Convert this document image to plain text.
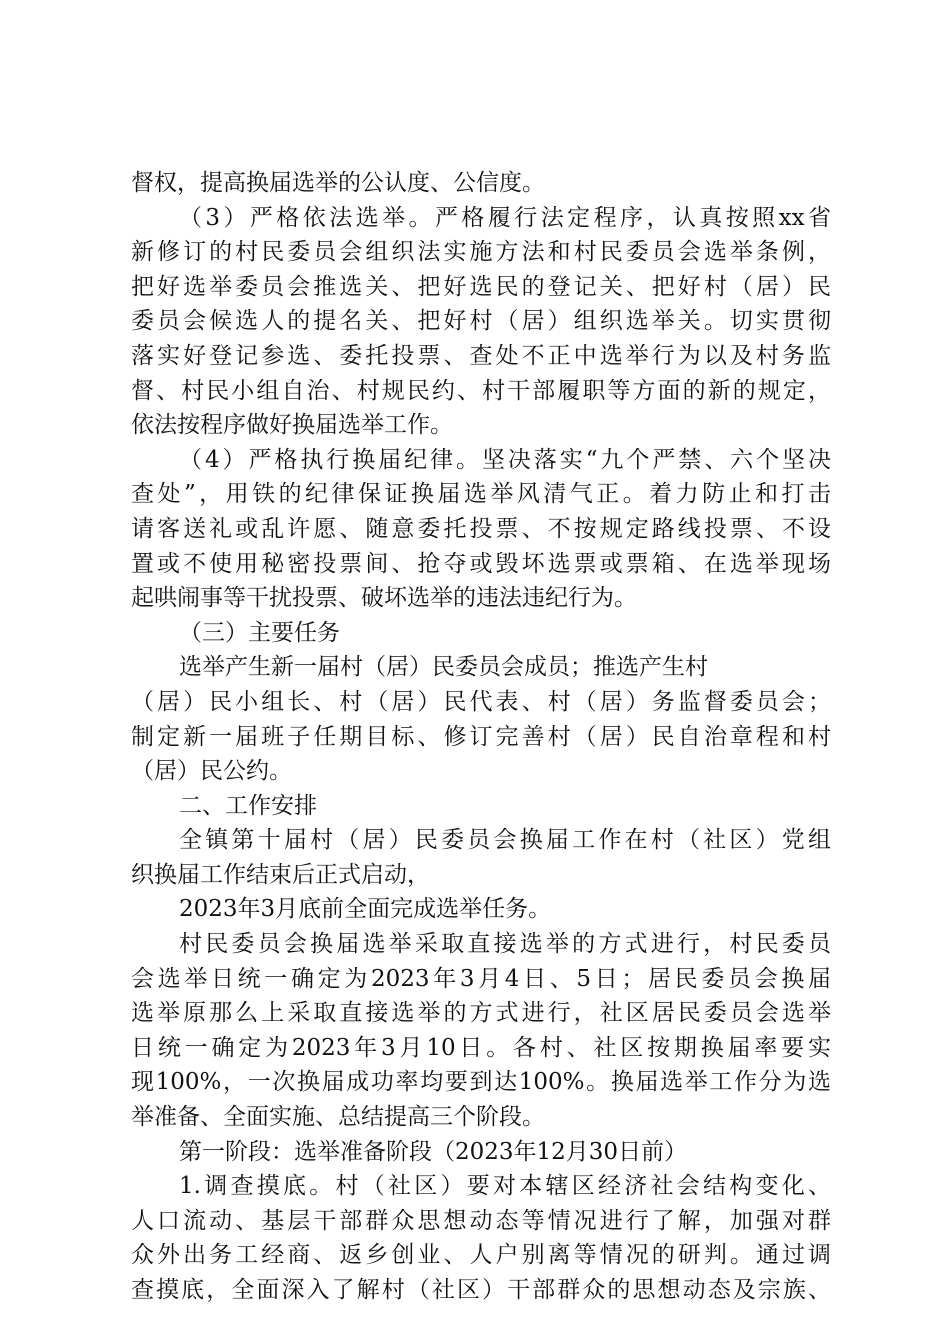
督权，提高换届选举的公认度、公信度。
（3）严格依法选举。严格履行法定程序，认真按照xx省
新修订的村民委员会组织法实施方法和村民委员会选举条例，
把好选举委员会推选关、把好选民的登记关、把好村（居）民
委员会候选人的提名关、把好村（居）组织选举关。切实贯彻
落实好登记参选、委托投票、查处不正中选举行为以及村务监
督、村民小组自治、村规民约、村干部履职等方面的新的规定，
依法按程序做好换届选举工作。
（4）严格执行换届纪律。坚决落实“九个严禁、六个坚决
查处”，用铁的纪律保证换届选举风清气正。着力防止和打击
请客送礼或乱许愿、随意委托投票、不按规定路线投票、不设
置或不使用秘密投票间、抢夺或毁坏选票或票箱、在选举现场
起哄闹事等干扰投票、破坏选举的违法违纪行为。
（三）主要任务
选举产生新一届村（居）民委员会成员；推选产生村
（居）民小组长、村（居）民代表、村（居）务监督委员会；
制定新一届班子任期目标、修订完善村（居）民自治章程和村
（居）民公约。
二、工作安排
全镇第十届村（居）民委员会换届工作在村（社区）党组
织换届工作结束后正式启动，
2023年3月底前全面完成选举任务。
村民委员会换届选举采取直接选举的方式进行，村民委员
会选举日统一确定为2023年3月4日、5日；居民委员会换届
选举原那么上采取直接选举的方式进行，社区居民委员会选举
日统一确定为2023年3月10日。各村、社区按期换届率要实
现100%，一次换届成功率均要到达100%。换届选举工作分为选
举准备、全面实施、总结提高三个阶段。
第一阶段：选举准备阶段（2023年12月30日前）
1.调查摸底。村（社区）要对本辖区经济社会结构变化、
人口流动、基层干部群众思想动态等情况进行了解，加强对群
众外出务工经商、返乡创业、人户别离等情况的研判。通过调
查摸底，全面深入了解村（社区）干部群众的思想动态及宗族、
